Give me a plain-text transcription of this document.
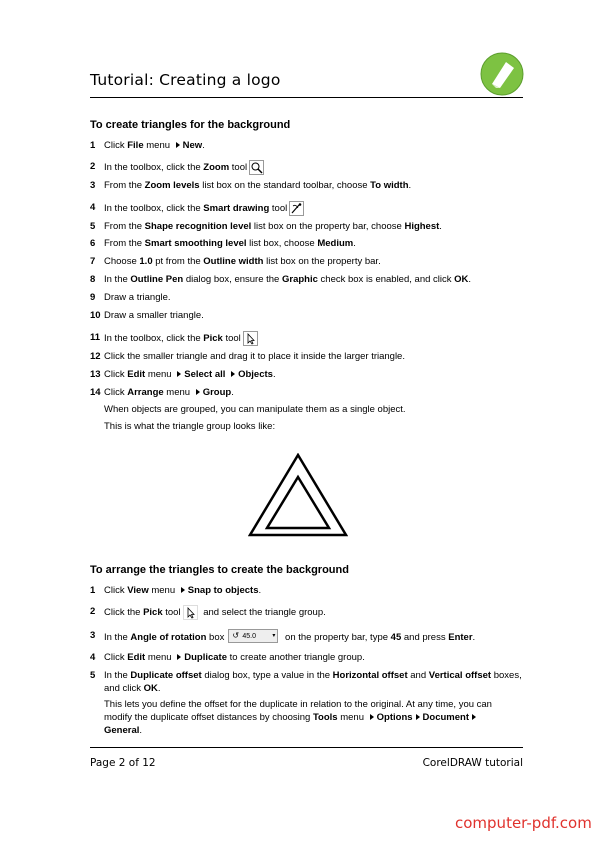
Tutorial: Creating a logo
To create triangles for the background
1 Click File menu New.
2 In the toolbox, click the Zoom tool
3 From the Zoom levels list box on the standard toolbar, choose To width.
4 In the toolbox, click the Smart drawing tool
5 From the Shape recognition level list box on the property bar, choose Highest.
6 From the Smart smoothing level list box, choose Medium.
7 Choose 1.0 pt from the Outline width list box on the property bar.
8 In the Outline Pen dialog box, ensure the Graphic check box is enabled, and click OK.
9 Draw a triangle.
10 Draw a smaller triangle.
11 In the toolbox, click the Pick tool
12 Click the smaller triangle and drag it to place it inside the larger triangle.
13 Click Edit menu Select all Objects.
14 Click Arrange menu Group.
When objects are grouped, you can manipulate them as a single object.
This is what the triangle group looks like:
To arrange the triangles to create the background
1 Click View menu Snap to objects.
2 Click the Pick tool and select the triangle group.
3 In the Angle of rotation box ↺ 45.0	▾ on the property bar, type 45 and press Enter.
4 Click Edit menu Duplicate to create another triangle group.
5 In the Duplicate offset dialog box, type a value in the Horizontal offset and Vertical offset boxes, and click OK.
This lets you define the offset for the duplicate in relation to the original. At any time, you can
modify the duplicate offset distances by choosing Tools menu Options Document
General.
Page 2 of 12	CorelDRAW tutorial
computer-pdf.com
